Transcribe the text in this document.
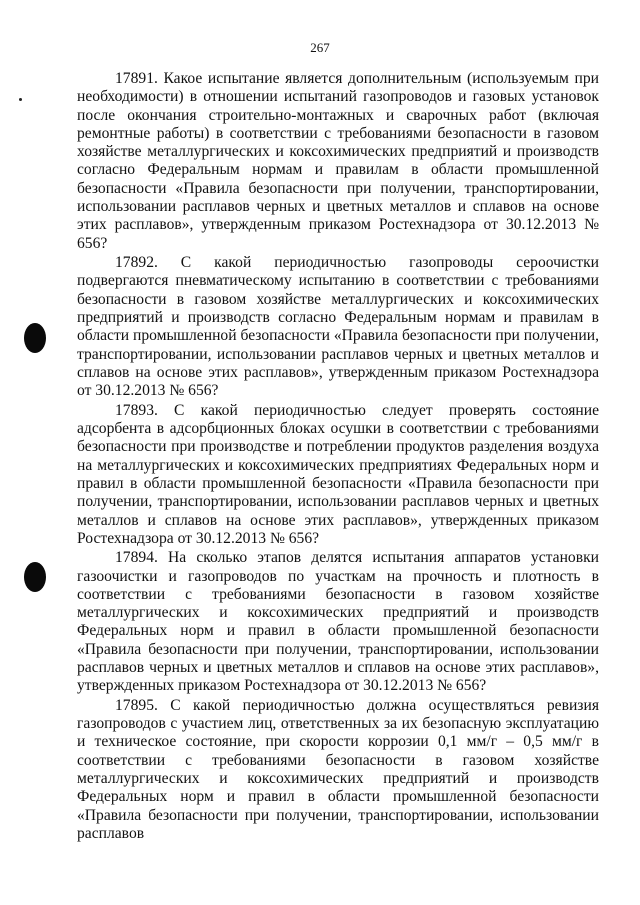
267

17891. Какое испытание является дополнительным (используемым при необходимости) в отношении испытаний газопроводов и газовых установок после окончания строительно-монтажных и сварочных работ (включая ремонтные работы) в соответствии с требованиями безопасности в газовом хозяйстве металлургических и коксохимических предприятий и производств согласно Федеральным нормам и правилам в области промышленной безопасности «Правила безопасности при получении, транспортировании, использовании расплавов черных и цветных металлов и сплавов на основе этих расплавов», утвержденным приказом Ростехнадзора от 30.12.2013 № 656?

17892. С какой периодичностью газопроводы сероочистки подвергаются пневматическому испытанию в соответствии с требованиями безопасности в газовом хозяйстве металлургических и коксохимических предприятий и производств согласно Федеральным нормам и правилам в области промышленной безопасности «Правила безопасности при получении, транспортировании, использовании расплавов черных и цветных металлов и сплавов на основе этих расплавов», утвержденным приказом Ростехнадзора от 30.12.2013 № 656?

17893. С какой периодичностью следует проверять состояние адсорбента в адсорбционных блоках осушки в соответствии с требованиями безопасности при производстве и потреблении продуктов разделения воздуха на металлургических и коксохимических предприятиях Федеральных норм и правил в области промышленной безопасности «Правила безопасности при получении, транспортировании, использовании расплавов черных и цветных металлов и сплавов на основе этих расплавов», утвержденных приказом Ростехнадзора от 30.12.2013 № 656?

17894. На сколько этапов делятся испытания аппаратов установки газоочистки и газопроводов по участкам на прочность и плотность в соответствии с требованиями безопасности в газовом хозяйстве металлургических и коксохимических предприятий и производств Федеральных норм и правил в области промышленной безопасности «Правила безопасности при получении, транспортировании, использовании расплавов черных и цветных металлов и сплавов на основе этих расплавов», утвержденных приказом Ростехнадзора от 30.12.2013 № 656?

17895. С какой периодичностью должна осуществляться ревизия газопроводов с участием лиц, ответственных за их безопасную эксплуатацию и техническое состояние, при скорости коррозии 0,1 мм/г – 0,5 мм/г в соответствии с требованиями безопасности в газовом хозяйстве металлургических и коксохимических предприятий и производств Федеральных норм и правил в области промышленной безопасности «Правила безопасности при получении, транспортировании, использовании расплавов
